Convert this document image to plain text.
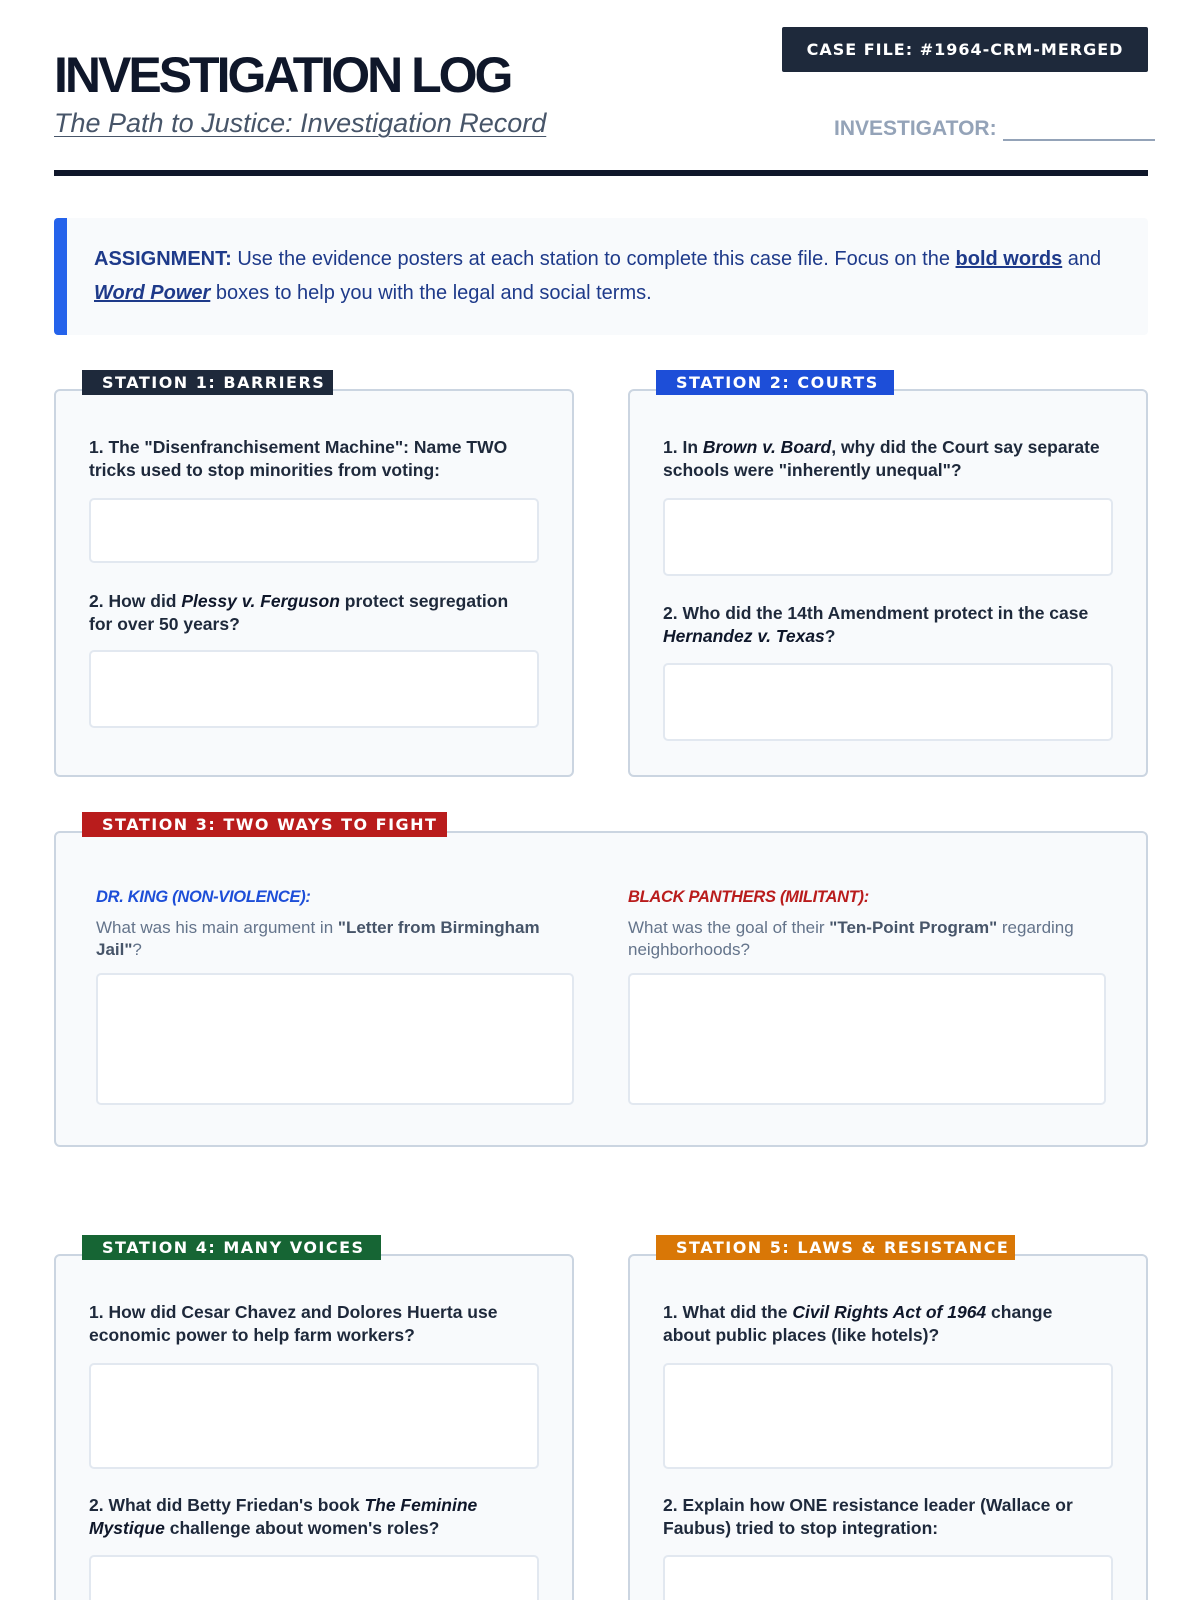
INVESTIGATION LOG
The Path to Justice: Investigation Record
CASE FILE: #1964-CRM-MERGED
INVESTIGATOR:
ASSIGNMENT: Use the evidence posters at each station to complete this case file. Focus on the bold words and Word Power boxes to help you with the legal and social terms.
STATION 1: BARRIERS
1. The "Disenfranchisement Machine": Name TWO tricks used to stop minorities from voting:
2. How did Plessy v. Ferguson protect segregation for over 50 years?
STATION 2: COURTS
1. In Brown v. Board, why did the Court say separate schools were "inherently unequal"?
2. Who did the 14th Amendment protect in the case Hernandez v. Texas?
STATION 3: TWO WAYS TO FIGHT
DR. KING (NON-VIOLENCE):
What was his main argument in "Letter from Birmingham Jail"?
BLACK PANTHERS (MILITANT):
What was the goal of their "Ten-Point Program" regarding neighborhoods?
STATION 4: MANY VOICES
1. How did Cesar Chavez and Dolores Huerta use economic power to help farm workers?
2. What did Betty Friedan's book The Feminine Mystique challenge about women's roles?
STATION 5: LAWS & RESISTANCE
1. What did the Civil Rights Act of 1964 change about public places (like hotels)?
2. Explain how ONE resistance leader (Wallace or Faubus) tried to stop integration:
